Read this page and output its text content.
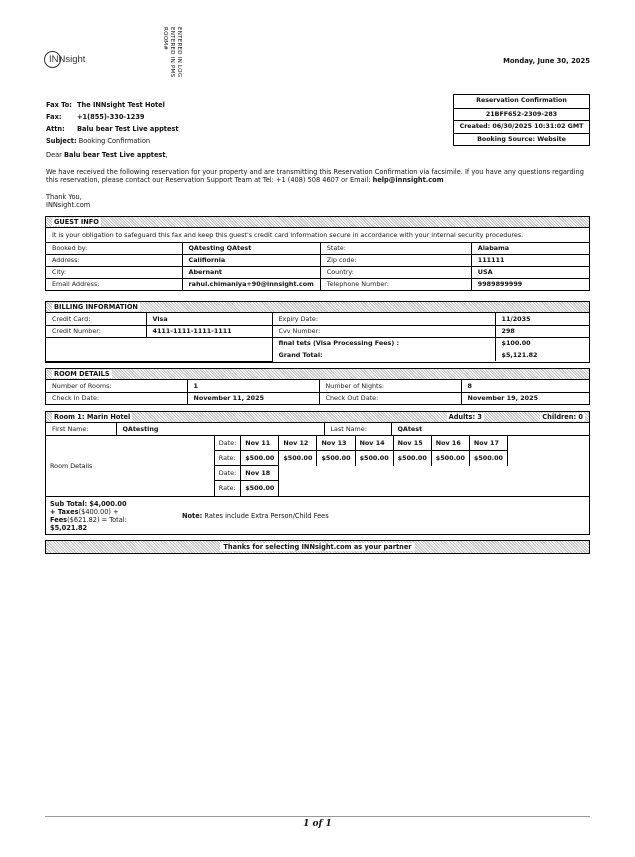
INNsight	ENTERED IN LOG
ENTERED IN PMS
ROOM#
Monday, June 30, 2025
Fax To: The INNsight Test Hotel
Fax:	+1(855)-330-1239
Attn:	Balu bear Test Live apptest
Subject:
Booking Confirmation
Reservation Confirmation
21BFF652-2309-283
Created: 06/30/2025 10:31:02 GMT
Booking Source: Website
Dear Balu bear Test Live apptest,
We have received the following reservation for your property and are transmitting this Reservation Confirmation via facsimile. If you have any questions regarding this reservation, please contact our Reservation Support Team at Tel: +1 (408) 508 4607 or Email: help@innsight.com
Thank You,
INNsight.com
GUEST INFO
It is your obligation to safeguard this fax and keep this guest's credit card information secure in accordance with your internal security procedures.			
Booked by:	QAtesting QAtest	State:	Alabama
Address:	Califiornia	Zip code:	111111
City:	Abernant	Country:	USA
Email Address:	rahul.chimaniya+90@innsight.com	Telephone Number:	9989899999
BILLING INFORMATION
Credit Card:	Visa	Expiry Date:	11/2035
Credit Number:	4111-1111-1111-1111	Cvv Number:	298
		final tets (Visa Processing Fees) :	$100.00
		Grand Total:	$5,121.82
ROOM DETAILS
Number of Rooms:	1	Number of Nights:	8
Check In Date:	November 11, 2025	Check Out Date:	November 19, 2025
Room 1: Marin Hotel	Adults: 3	Children: 0
First Name:	QAtesting	Last Name:	QAtest

Room Details	Date:	Nov 11	Nov 12	Nov 13	Nov 14	Nov 15	Nov 16	Nov 17	
Rate:	$500.00	$500.00	$500.00	$500.00	$500.00	$500.00	$500.00	
Date:	Nov 18	
Rate:	$500.00	
Sub Total: $4,000.00
+ Taxes($400.00) +
Fees($621.82) = Total:
$5,021.82
Note: Rates include Extra Person/Child Fees
Thanks for selecting INNsight.com as your partner
1 of 1
